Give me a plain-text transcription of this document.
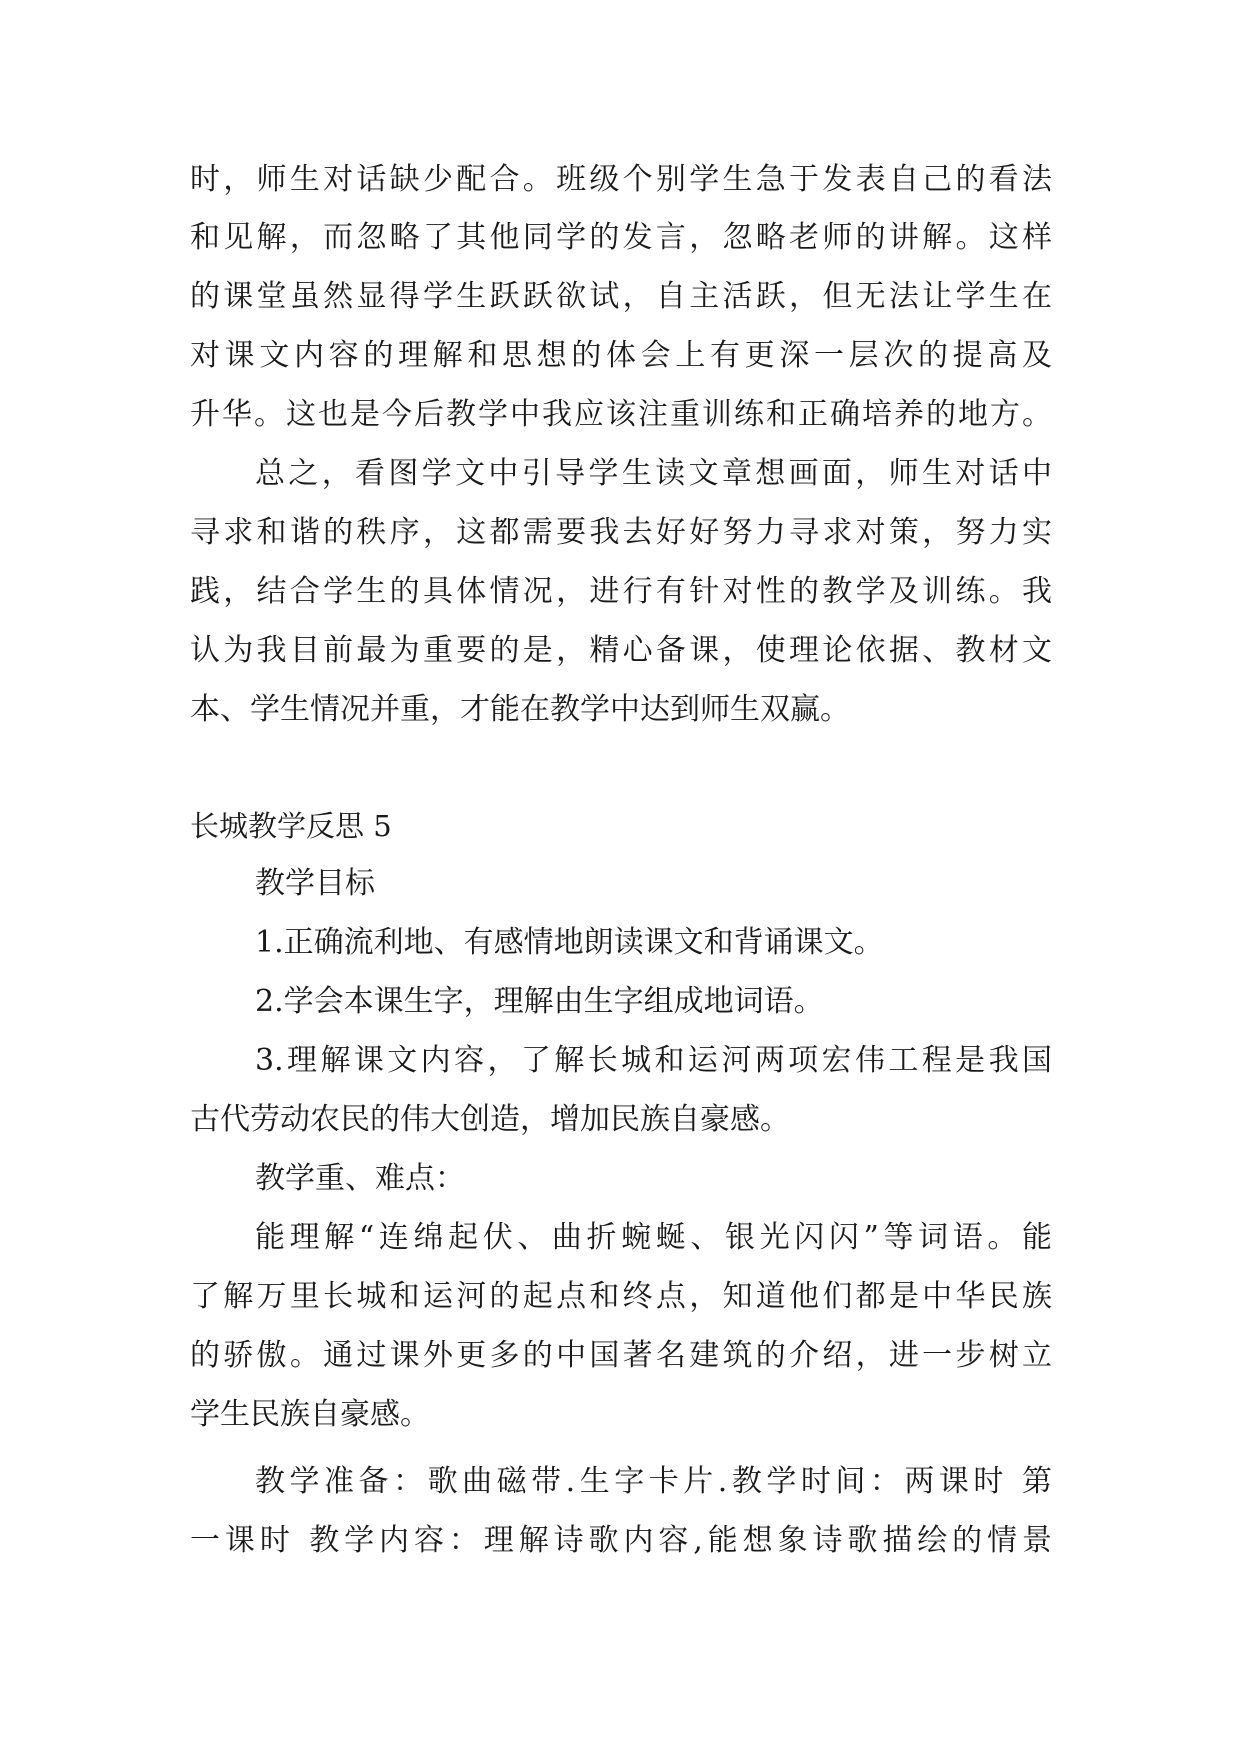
时，师生对话缺少配合。班级个别学生急于发表自己的看法
和见解，而忽略了其他同学的发言，忽略老师的讲解。这样
的课堂虽然显得学生跃跃欲试，自主活跃，但无法让学生在
对课文内容的理解和思想的体会上有更深一层次的提高及
升华。这也是今后教学中我应该注重训练和正确培养的地方。
总之，看图学文中引导学生读文章想画面，师生对话中
寻求和谐的秩序，这都需要我去好好努力寻求对策，努力实
践，结合学生的具体情况，进行有针对性的教学及训练。我
认为我目前最为重要的是，精心备课，使理论依据、教材文
本、学生情况并重，才能在教学中达到师生双赢。
长城教学反思 5
教学目标
1.正确流利地、有感情地朗读课文和背诵课文。
2.学会本课生字，理解由生字组成地词语。
3.理解课文内容，了解长城和运河两项宏伟工程是我国
古代劳动农民的伟大创造，增加民族自豪感。
教学重、难点：
能理解“连绵起伏、曲折蜿蜒、银光闪闪”等词语。能
了解万里长城和运河的起点和终点，知道他们都是中华民族
的骄傲。通过课外更多的中国著名建筑的介绍，进一步树立
学生民族自豪感。
教学准备：歌曲磁带.生字卡片.教学时间：两课时 第
一课时 教学内容：理解诗歌内容,能想象诗歌描绘的情景
